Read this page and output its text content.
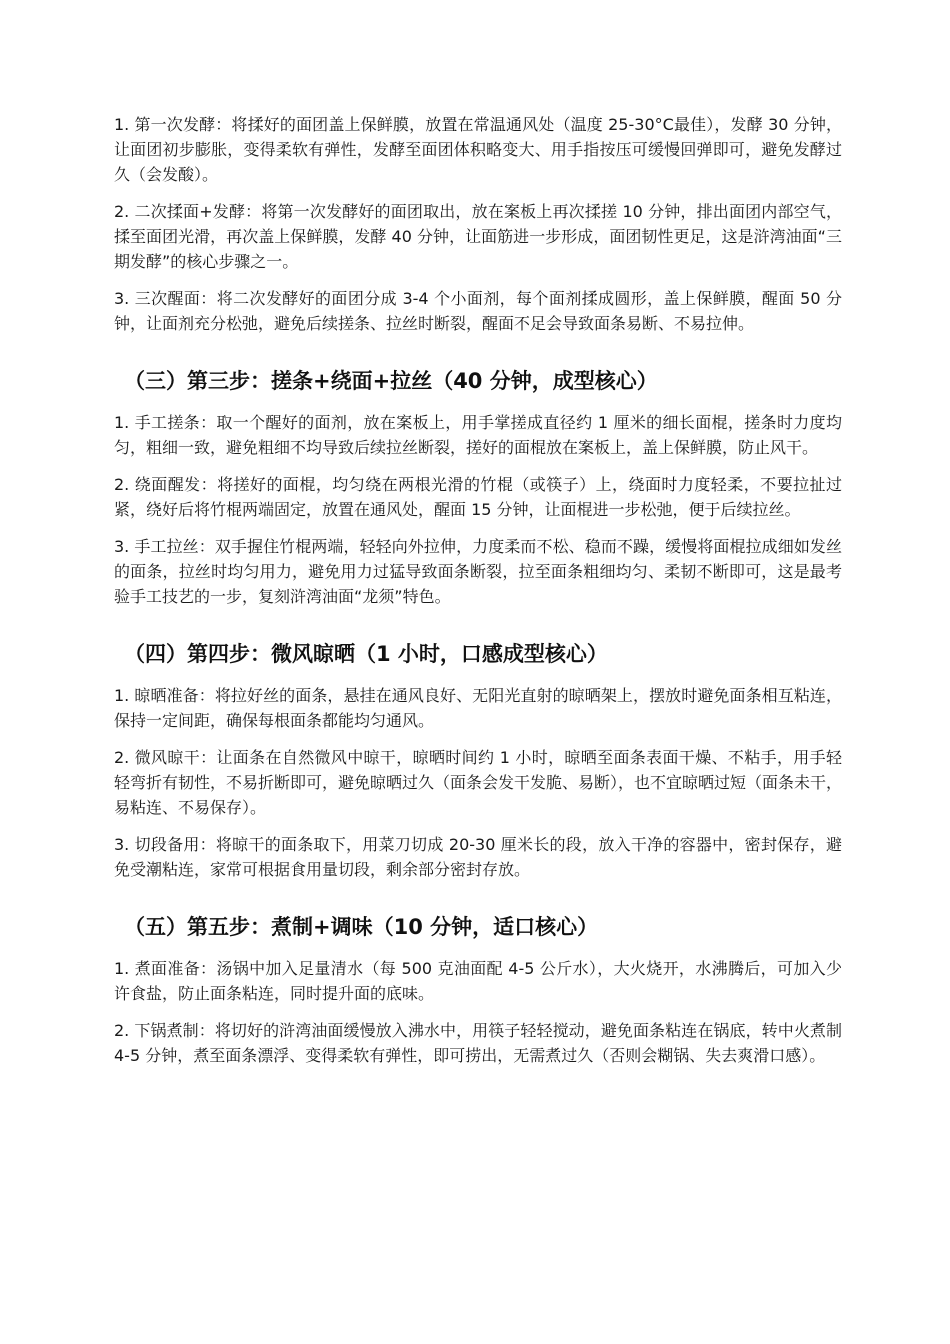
1. 第一次发酵：将揉好的面团盖上保鲜膜，放置在常温通风处（温度 25-30°C最佳），发酵 30 分钟，让面团初步膨胀，变得柔软有弹性，发酵至面团体积略变大、用手指按压可缓慢回弹即可，避免发酵过久（会发酸）。

2. 二次揉面+发酵：将第一次发酵好的面团取出，放在案板上再次揉搓 10 分钟，排出面团内部空气，揉至面团光滑，再次盖上保鲜膜，发酵 40 分钟，让面筋进一步形成，面团韧性更足，这是浒湾油面“三期发酵”的核心步骤之一。

3. 三次醒面：将二次发酵好的面团分成 3-4 个小面剂，每个面剂揉成圆形，盖上保鲜膜，醒面 50 分钟，让面剂充分松弛，避免后续搓条、拉丝时断裂，醒面不足会导致面条易断、不易拉伸。

（三）第三步：搓条+绕面+拉丝（40 分钟，成型核心）

1. 手工搓条：取一个醒好的面剂，放在案板上，用手掌搓成直径约 1 厘米的细长面棍，搓条时力度均匀，粗细一致，避免粗细不均导致后续拉丝断裂，搓好的面棍放在案板上，盖上保鲜膜，防止风干。

2. 绕面醒发：将搓好的面棍，均匀绕在两根光滑的竹棍（或筷子）上，绕面时力度轻柔，不要拉扯过紧，绕好后将竹棍两端固定，放置在通风处，醒面 15 分钟，让面棍进一步松弛，便于后续拉丝。

3. 手工拉丝：双手握住竹棍两端，轻轻向外拉伸，力度柔而不松、稳而不躁，缓慢将面棍拉成细如发丝的面条，拉丝时均匀用力，避免用力过猛导致面条断裂，拉至面条粗细均匀、柔韧不断即可，这是最考验手工技艺的一步，复刻浒湾油面“龙须”特色。

（四）第四步：微风晾晒（1 小时，口感成型核心）

1. 晾晒准备：将拉好丝的面条，悬挂在通风良好、无阳光直射的晾晒架上，摆放时避免面条相互粘连，保持一定间距，确保每根面条都能均匀通风。

2. 微风晾干：让面条在自然微风中晾干，晾晒时间约 1 小时，晾晒至面条表面干燥、不粘手，用手轻轻弯折有韧性，不易折断即可，避免晾晒过久（面条会发干发脆、易断），也不宜晾晒过短（面条未干，易粘连、不易保存）。

3. 切段备用：将晾干的面条取下，用菜刀切成 20-30 厘米长的段，放入干净的容器中，密封保存，避免受潮粘连，家常可根据食用量切段，剩余部分密封存放。

（五）第五步：煮制+调味（10 分钟，适口核心）

1. 煮面准备：汤锅中加入足量清水（每 500 克油面配 4-5 公斤水），大火烧开，水沸腾后，可加入少许食盐，防止面条粘连，同时提升面的底味。

2. 下锅煮制：将切好的浒湾油面缓慢放入沸水中，用筷子轻轻搅动，避免面条粘连在锅底，转中火煮制 4-5 分钟，煮至面条漂浮、变得柔软有弹性，即可捞出，无需煮过久（否则会糊锅、失去爽滑口感）。
